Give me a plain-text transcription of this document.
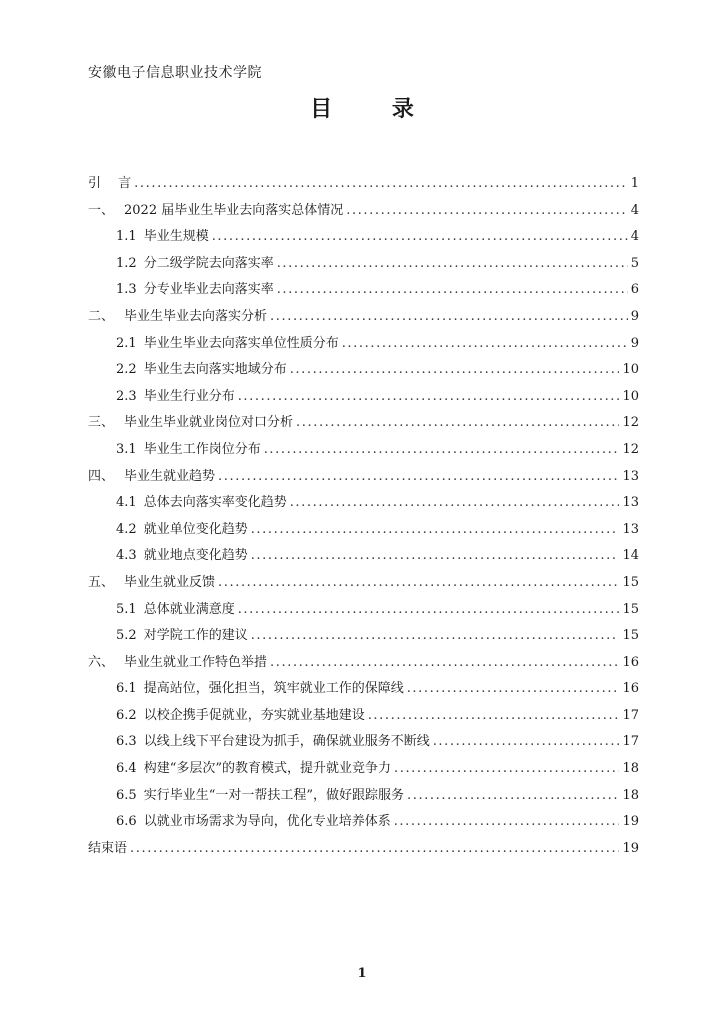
安徽电子信息职业技术学院
目 录
引　 言 .....	1
一、 2022 届毕业生毕业去向落实总体情况 .....	4
1.1 毕业生规模 .....	4
1.2 分二级学院去向落实率 .....	5
1.3 分专业毕业去向落实率 .....	6
二、 毕业生毕业去向落实分析 .....	9
2.1 毕业生毕业去向落实单位性质分布 .....	9
2.2 毕业生去向落实地域分布 .....	10
2.3 毕业生行业分布 .....	10
三、 毕业生毕业就业岗位对口分析 .....	12
3.1 毕业生工作岗位分布 .....	12
四、 毕业生就业趋势 .....	13
4.1 总体去向落实率变化趋势 .....	13
4.2 就业单位变化趋势 .....	13
4.3 就业地点变化趋势 .....	14
五、 毕业生就业反馈 .....	15
5.1 总体就业满意度 .....	15
5.2 对学院工作的建议 .....	15
六、 毕业生就业工作特色举措 .....	16
6.1 提高站位，强化担当，筑牢就业工作的保障线 .....	16
6.2 以校企携手促就业，夯实就业基地建设 .....	17
6.3 以线上线下平台建设为抓手，确保就业服务不断线 .....	17
6.4 构建“多层次”的教育模式，提升就业竞争力 .....	18
6.5 实行毕业生“一对一帮扶工程”，做好跟踪服务 .....	18
6.6 以就业市场需求为导向，优化专业培养体系 .....	19
结束语 .....	19
1
